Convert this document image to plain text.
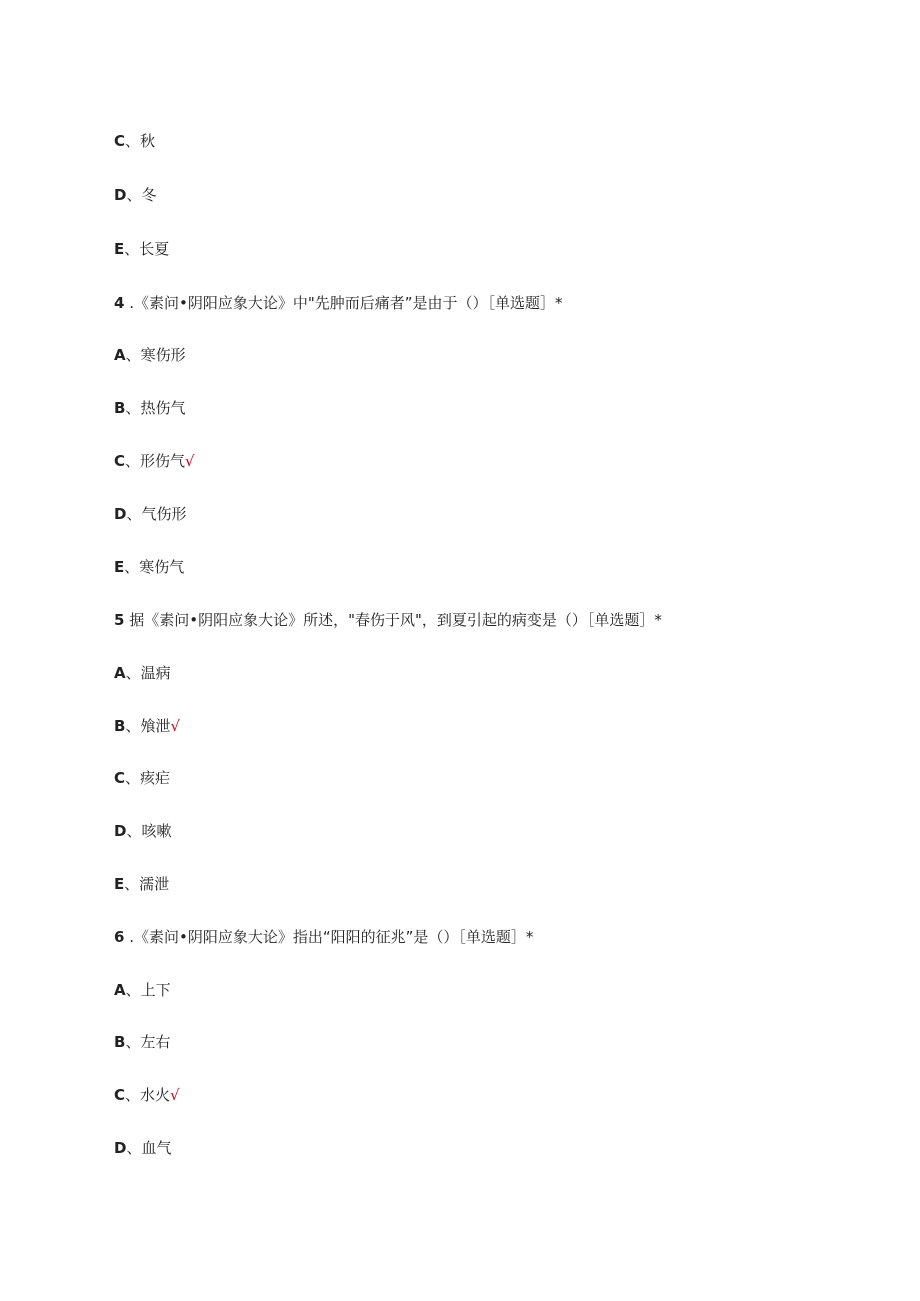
C、秋
D、冬
E、长夏
4 .《素问•阴阳应象大论》中"先肿而后痛者”是由于（）［单选题］*
A、寒伤形
B、热伤气
C、形伤气√
D、气伤形
E、寒伤气
5 据《素问•阴阳应象大论》所述，"春伤于风"，到夏引起的病变是（）［单选题］*
A、温病
B、飧泄√
C、痎疟
D、咳嗽
E、濡泄
6 .《素问•阴阳应象大论》指出“阳阳的征兆”是（）［单选题］*
A、上下
B、左右
C、水火√
D、血气
